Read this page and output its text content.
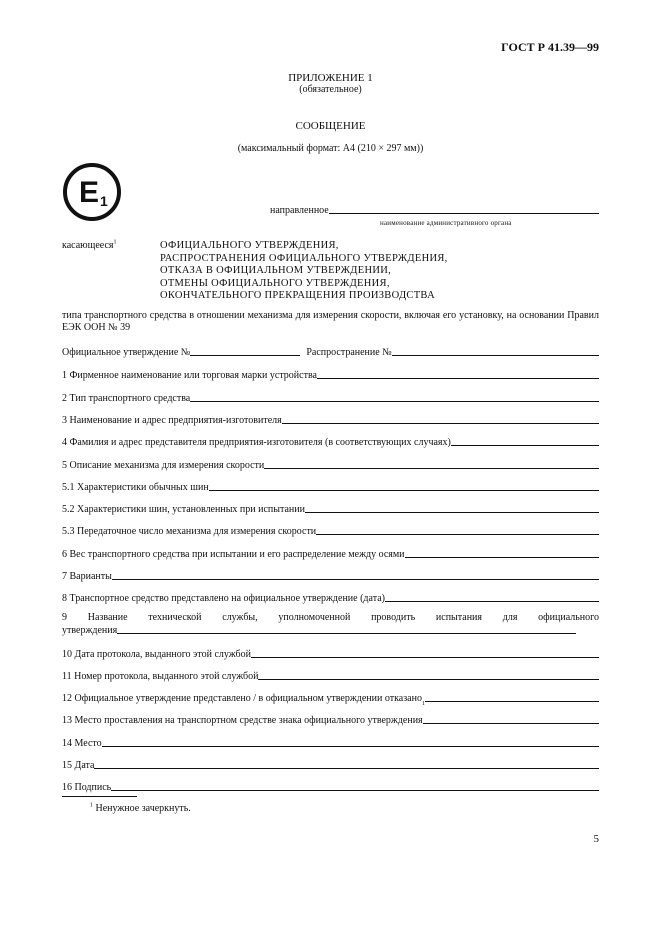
ГОСТ Р 41.39—99
ПРИЛОЖЕНИЕ 1
(обязательное)
СООБЩЕНИЕ
(максимальный формат: А4 (210 × 297 мм))
E 1
направленное
наименование административного органа
касающееся$^1$	ОФИЦИАЛЬНОГО УТВЕРЖДЕНИЯ,
РАСПРОСТРАНЕНИЯ ОФИЦИАЛЬНОГО УТВЕРЖДЕНИЯ,
ОТКАЗА В ОФИЦИАЛЬНОМ УТВЕРЖДЕНИИ,
ОТМЕНЫ ОФИЦИАЛЬНОГО УТВЕРЖДЕНИЯ,
ОКОНЧАТЕЛЬНОГО ПРЕКРАЩЕНИЯ ПРОИЗВОДСТВА
типа транспортного средства в отношении механизма для измерения скорости, включая его установку, на основании Правил ЕЭК ООН № 39
Официальное утверждение №	Распространение №
1 Фирменное наименование или торговая марки устройства
2 Тип транспортного средства
3 Наименование и адрес предприятия-изготовителя
4 Фамилия и адрес представителя предприятия-изготовителя (в соответствующих случаях)
5 Описание механизма для измерения скорости
5.1 Характеристики обычных шин
5.2 Характеристики шин, установленных при испытании
5.3 Передаточное число механизма для измерения скорости
6 Вес транспортного средства при испытании и его распределение между осями
7 Варианты
8 Транспортное средство представлено на официальное утверждение (дата)
9 Название технической службы, уполномоченной проводить испытания для официального
утверждения
10 Дата протокола, выданного этой службой
11 Номер протокола, выданного этой службой
12 Официальное утверждение представлено / в официальном утверждении отказано 1
13 Место проставления на транспортном средстве знака официального утверждения
14 Место
15 Дата
16 Подпись
$^1$ Ненужное зачеркнуть.
5
